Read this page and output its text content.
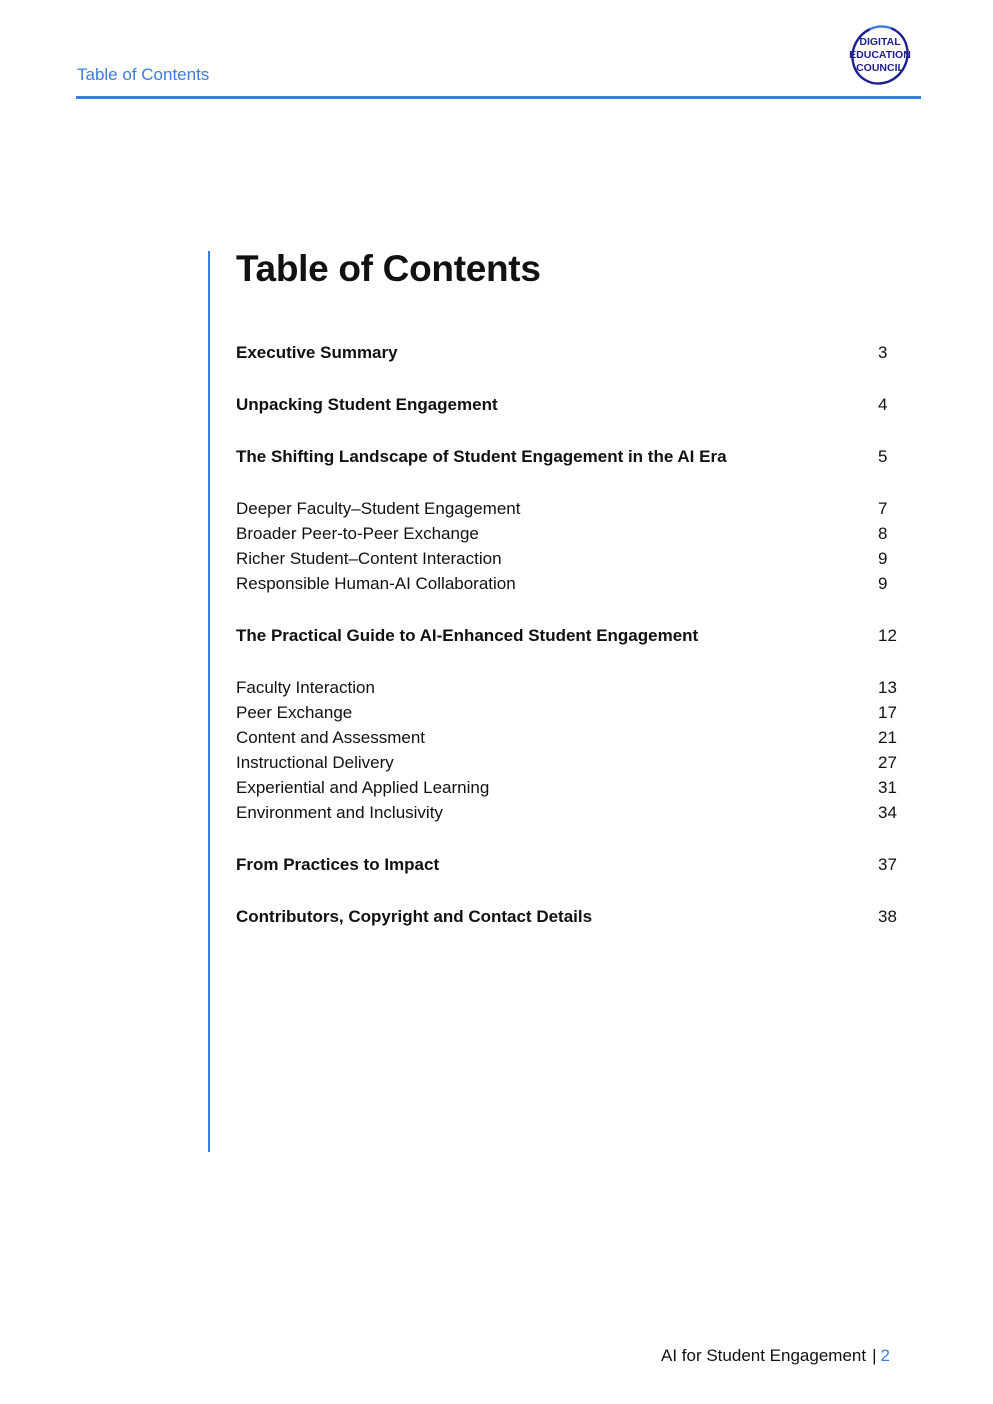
Table of Contents
DIGITAL
EDUCATION
COUNCIL
Table of Contents
Executive Summary	3
Unpacking Student Engagement	4
The Shifting Landscape of Student Engagement in the AI Era	5
Deeper Faculty–Student Engagement	7
Broader Peer-to-Peer Exchange	8
Richer Student–Content Interaction	9
Responsible Human-AI Collaboration	9
The Practical Guide to AI-Enhanced Student Engagement	12
Faculty Interaction	13
Peer Exchange	17
Content and Assessment	21
Instructional Delivery	27
Experiential and Applied Learning	31
Environment and Inclusivity	34
From Practices to Impact	37
Contributors, Copyright and Contact Details	38
AI for Student Engagement | 2
